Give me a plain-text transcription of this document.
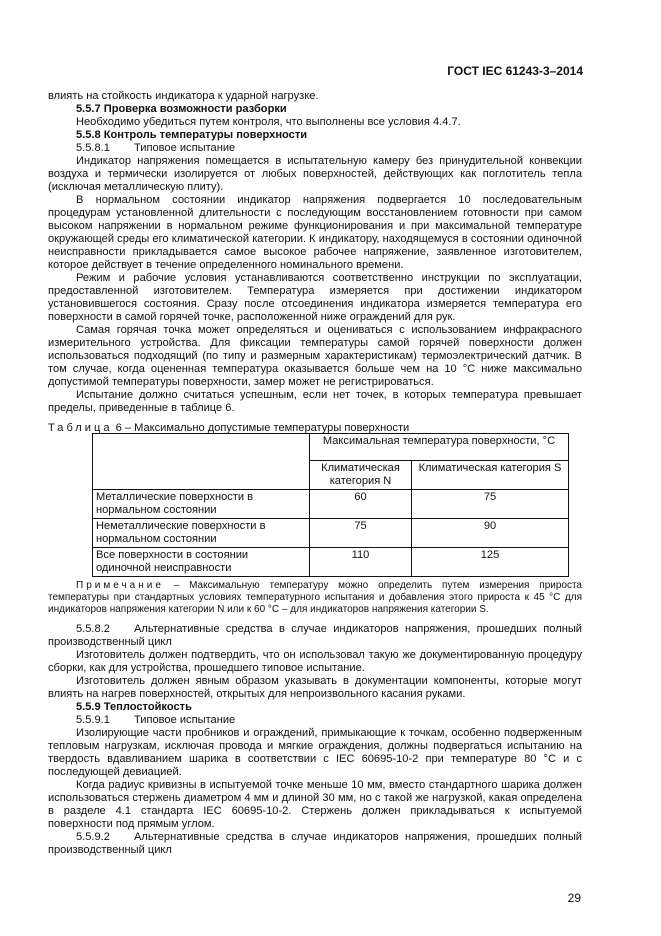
ГОСТ IEC 61243-3–2014

влиять на стойкость индикатора к ударной нагрузке.

5.5.7 Проверка возможности разборки

Необходимо убедиться путем контроля, что выполнены все условия 4.4.7.

5.5.8 Контроль температуры поверхности

5.5.8.1 Типовое испытание

Индикатор напряжения помещается в испытательную камеру без принудительной конвекции воздуха и термически изолируется от любых поверхностей, действующих как поглотитель тепла (исключая металлическую плиту).

В нормальном состоянии индикатор напряжения подвергается 10 последовательным процедурам установленной длительности с последующим восстановлением готовности при самом высоком напряжении в нормальном режиме функционирования и при максимальной температуре окружающей среды его климатической категории. К индикатору, находящемуся в состоянии одиночной неисправности прикладывается самое высокое рабочее напряжение, заявленное изготовителем, которое действует в течение определенного номинального времени.

Режим и рабочие условия устанавливаются соответственно инструкции по эксплуатации, предоставленной изготовителем. Температура измеряется при достижении индикатором установившегося состояния. Сразу после отсоединения индикатора измеряется температура его поверхности в самой горячей точке, расположенной ниже ограждений для рук.

Самая горячая точка может определяться и оцениваться с использованием инфракрасного измерительного устройства. Для фиксации температуры самой горячей поверхности должен использоваться подходящий (по типу и размерным характеристикам) термоэлектрический датчик. В том случае, когда оцененная температура оказывается больше чем на 10 °С ниже максимально допустимой температуры поверхности, замер может не регистрироваться.

Испытание должно считаться успешным, если нет точек, в которых температура превышает пределы, приведенные в таблице 6.

Таблица 6 – Максимально допустимые температуры поверхности
	Максимальная температура поверхности, °С	
	Климатическая категория N	Климатическая категория S
Металлические поверхности в нормальном состоянии	60	75
Неметаллические поверхности в нормальном состоянии	75	90
Все поверхности в состоянии одиночной неисправности	110	125
Примечание – Максимальную температуру можно определить путем измерения прироста температуры при стандартных условиях температурного испытания и добавления этого прироста к 45 °С для индикаторов напряжения категории N или к 60 °С – для индикаторов напряжения категории S.

5.5.8.2 Альтернативные средства в случае индикаторов напряжения, прошедших полный производственный цикл

Изготовитель должен подтвердить, что он использовал такую же документированную процедуру сборки, как для устройства, прошедшего типовое испытание.

Изготовитель должен явным образом указывать в документации компоненты, которые могут влиять на нагрев поверхностей, открытых для непроизвольного касания руками.

5.5.9 Теплостойкость

5.5.9.1 Типовое испытание

Изолирующие части пробников и ограждений, примыкающие к точкам, особенно подверженным тепловым нагрузкам, исключая провода и мягкие ограждения, должны подвергаться испытанию на твердость вдавливанием шарика в соответствии с IEC 60695-10-2 при температуре 80 °С и с последующей девиацией.

Когда радиус кривизны в испытуемой точке меньше 10 мм, вместо стандартного шарика должен использоваться стержень диаметром 4 мм и длиной 30 мм, но с такой же нагрузкой, какая определена в разделе 4.1 стандарта IEC 60695-10-2. Стержень должен прикладываться к испытуемой поверхности под прямым углом.

5.5.9.2 Альтернативные средства в случае индикаторов напряжения, прошедших полный производственный цикл

29
